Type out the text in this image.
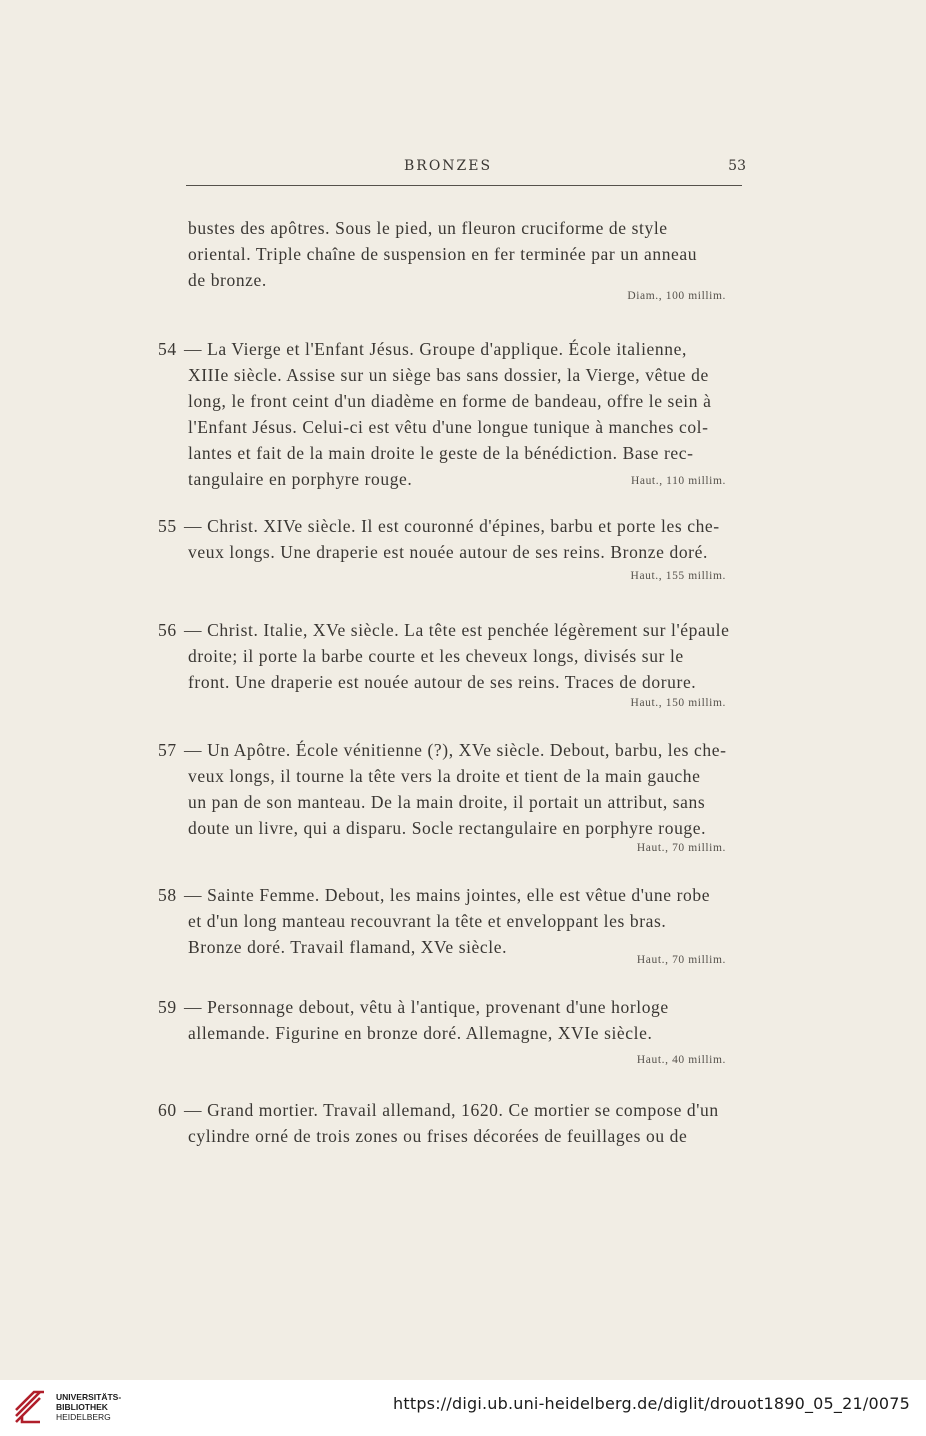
BRONZES	53
bustes des apôtres. Sous le pied, un fleuron cruciforme de style
oriental. Triple chaîne de suspension en fer terminée par un anneau
de bronze.
Diam., 100 millim.
54 — La Vierge et l'Enfant Jésus. Groupe d'applique. École italienne,
XIIIe siècle. Assise sur un siège bas sans dossier, la Vierge, vêtue de
long, le front ceint d'un diadème en forme de bandeau, offre le sein à
l'Enfant Jésus. Celui-ci est vêtu d'une longue tunique à manches col-
lantes et fait de la main droite le geste de la bénédiction. Base rec-
tangulaire en porphyre rouge.	Haut., 110 millim.
55 — Christ. XIVe siècle. Il est couronné d'épines, barbu et porte les che-
veux longs. Une draperie est nouée autour de ses reins. Bronze doré.
Haut., 155 millim.
56 — Christ. Italie, XVe siècle. La tête est penchée légèrement sur l'épaule
droite; il porte la barbe courte et les cheveux longs, divisés sur le
front. Une draperie est nouée autour de ses reins. Traces de dorure.
Haut., 150 millim.
57 — Un Apôtre. École vénitienne (?), XVe siècle. Debout, barbu, les che-
veux longs, il tourne la tête vers la droite et tient de la main gauche
un pan de son manteau. De la main droite, il portait un attribut, sans
doute un livre, qui a disparu. Socle rectangulaire en porphyre rouge.
Haut., 70 millim.
58 — Sainte Femme. Debout, les mains jointes, elle est vêtue d'une robe
et d'un long manteau recouvrant la tête et enveloppant les bras.
Bronze doré. Travail flamand, XVe siècle.
Haut., 70 millim.
59 — Personnage debout, vêtu à l'antique, provenant d'une horloge
allemande. Figurine en bronze doré. Allemagne, XVIe siècle.
Haut., 40 millim.
60 — Grand mortier. Travail allemand, 1620. Ce mortier se compose d'un
cylindre orné de trois zones ou frises décorées de feuillages ou de
UNIVERSITÄTS-
BIBLIOTHEK
HEIDELBERG
https://digi.ub.uni-heidelberg.de/diglit/drouot1890_05_21/0075
